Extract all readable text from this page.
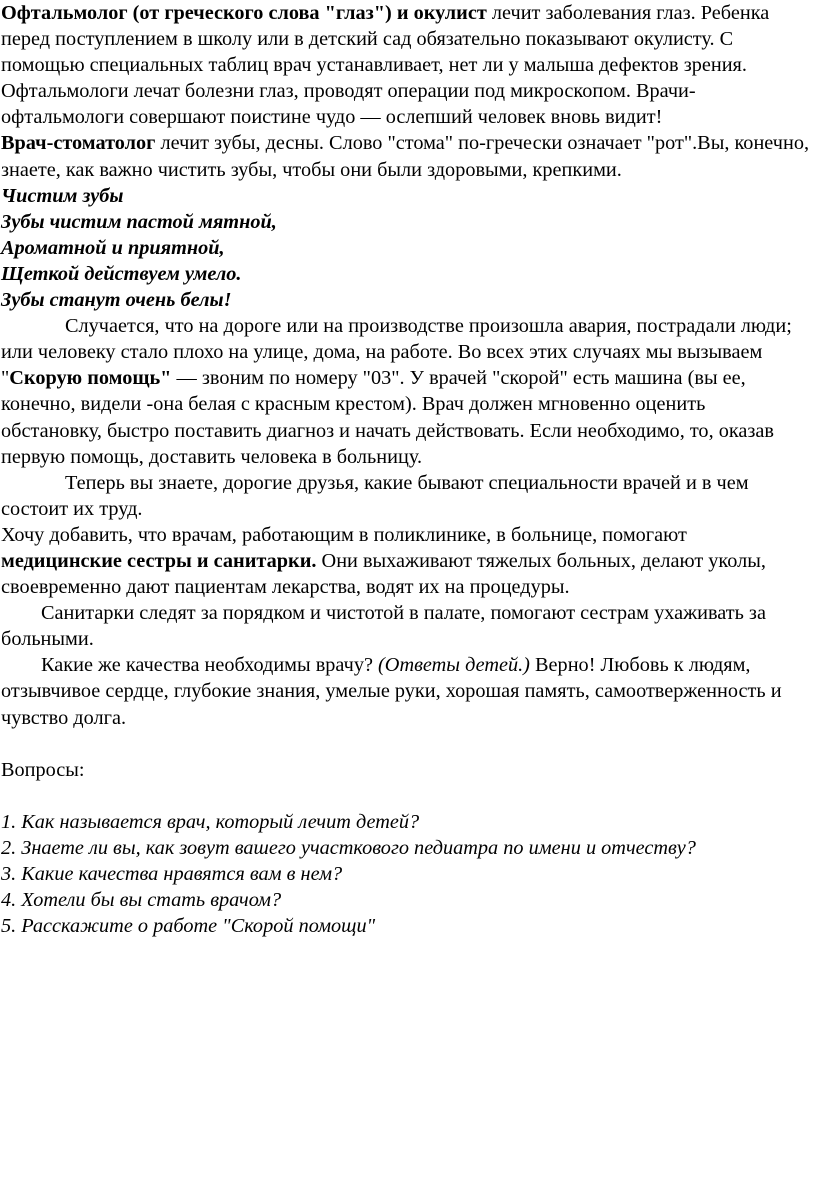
Офтальмолог (от греческого слова "глаз") и окулист лечит заболевания глаз. Ребенка перед поступлением в школу или в детский сад обязательно показывают окулисту. С помощью специальных таблиц врач устанавливает, нет ли у малыша дефектов зрения. Офтальмологи лечат болезни глаз, проводят операции под микроскопом. Врачи-офтальмологи совершают поистине чудо — ослепший человек вновь видит!

Врач-стоматолог лечит зубы, десны. Слово "стома" по-гречески означает "рот".Вы, конечно, знаете, как важно чистить зубы, чтобы они были здоровыми, крепкими.

Чистим зубы

Зубы чистим пастой мятной,

Ароматной и приятной,

Щеткой действуем умело.

Зубы станут очень белы!

Случается, что на дороге или на производстве произошла авария, пострадали люди; или человеку стало плохо на улице, дома, на работе. Во всех этих случаях мы вызываем "Скорую помощь" — звоним по номеру "03". У врачей "скорой" есть машина (вы ее, конечно, видели -она белая с красным крестом). Врач должен мгновенно оценить обстановку, быстро поставить диагноз и начать действовать. Если необходимо, то, оказав первую помощь, доставить человека в больницу.

Теперь вы знаете, дорогие друзья, какие бывают специальности врачей и в чем состоит их труд.

Хочу добавить, что врачам, работающим в поликлинике, в больнице, помогают медицинские сестры и санитарки. Они выхаживают тяжелых больных, делают уколы, своевременно дают пациентам лекарства, водят их на процедуры.

Санитарки следят за порядком и чистотой в палате, помогают сестрам ухаживать за больными.

Какие же качества необходимы врачу? (Ответы детей.) Верно! Любовь к людям, отзывчивое сердце, глубокие знания, умелые руки, хорошая память, самоотверженность и чувство долга.

Вопросы:

1. Как называется врач, который лечит детей?

2. Знаете ли вы, как зовут вашего участкового педиатра по имени и отчеству?

3. Какие качества нравятся вам в нем?

4. Хотели бы вы стать врачом?

5. Расскажите о работе "Скорой помощи"
